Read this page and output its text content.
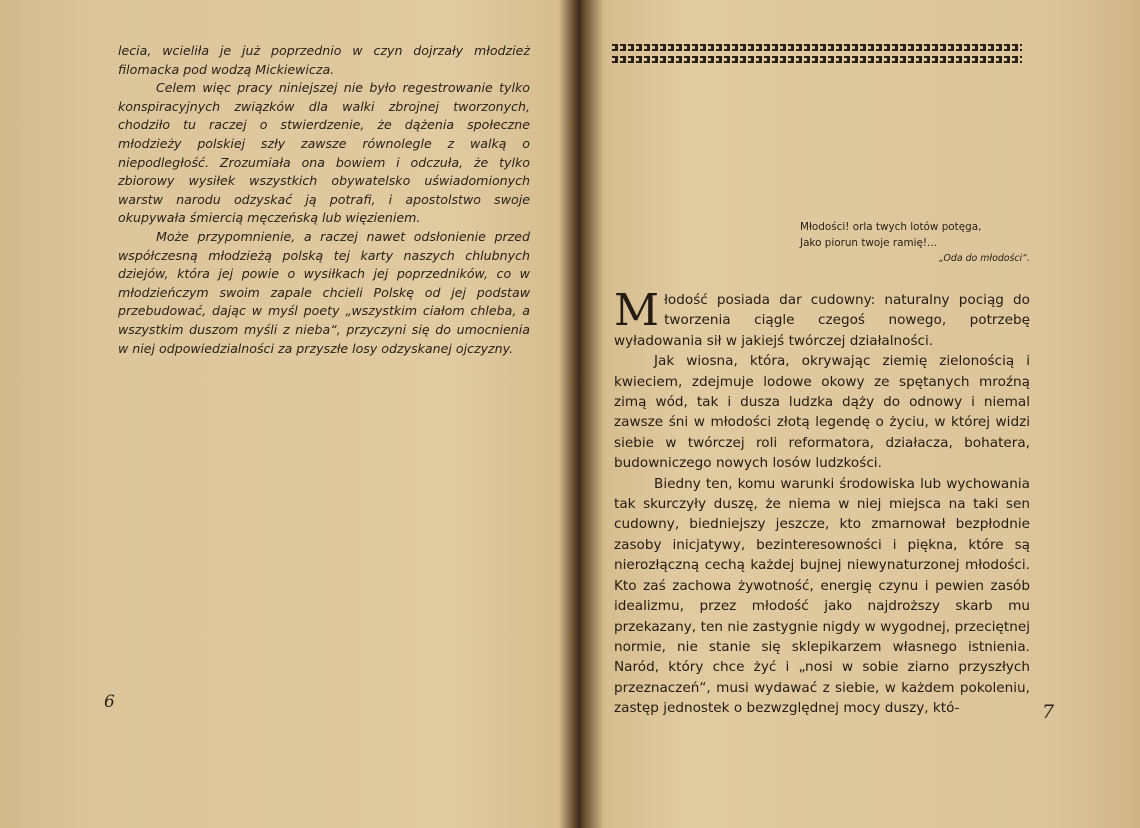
lecia, wcieliła je już poprzednio w czyn dojrzały młodzież filomacka pod wodzą Mickiewicza.

Celem więc pracy niniejszej nie było regestrowanie tylko konspiracyjnych związków dla walki zbrojnej tworzonych, chodziło tu raczej o stwierdzenie, że dążenia społeczne młodzieży polskiej szły zawsze równolegle z walką o niepodległość. Zrozumiała ona bowiem i odczuła, że tylko zbiorowy wysiłek wszystkich obywatelsko uświadomionych warstw narodu odzyskać ją potrafi, i apostolstwo swoje okupywała śmiercią męczeńską lub więzieniem.

Może przypomnienie, a raczej nawet odsłonienie przed współczesną młodzieżą polską tej karty naszych chlubnych dziejów, która jej powie o wysiłkach jej poprzedników, co w młodzieńczym swoim zapale chcieli Polskę od jej podstaw przebudować, dając w myśl poety „wszystkim ciałom chleba, a wszystkim duszom myśli z nieba“, przyczyni się do umocnienia w niej odpowiedzialności za przyszłe losy odzyskanej ojczyzny.

6
Młodości! orla twych lotów potęga,
Jako piorun twoje ramię!...
„Oda do młodości“.

Młodość posiada dar cudowny: naturalny pociąg do tworzenia ciągle czegoś nowego, potrzebę wyładowania sił w jakiejś twórczej działalności.

Jak wiosna, która, okrywając ziemię zielonością i kwieciem, zdejmuje lodowe okowy ze spętanych mroźną zimą wód, tak i dusza ludzka dąży do odnowy i niemal zawsze śni w młodości złotą legendę o życiu, w której widzi siebie w twórczej roli reformatora, działacza, bohatera, budowniczego nowych losów ludzkości.

Biedny ten, komu warunki środowiska lub wychowania tak skurczyły duszę, że niema w niej miejsca na taki sen cudowny, biedniejszy jeszcze, kto zmarnował bezpłodnie zasoby inicjatywy, bezinteresowności i piękna, które są nierozłączną cechą każdej bujnej niewynaturzonej młodości. Kto zaś zachowa żywotność, energię czynu i pewien zasób idealizmu, przez młodość jako najdroższy skarb mu przekazany, ten nie zastygnie nigdy w wygodnej, przeciętnej normie, nie stanie się sklepikarzem własnego istnienia. Naród, który chce żyć i „nosi w sobie ziarno przyszłych przeznaczeń“, musi wydawać z siebie, w każdem pokoleniu, zastęp jednostek o bezwzględnej mocy duszy, któ-	7
